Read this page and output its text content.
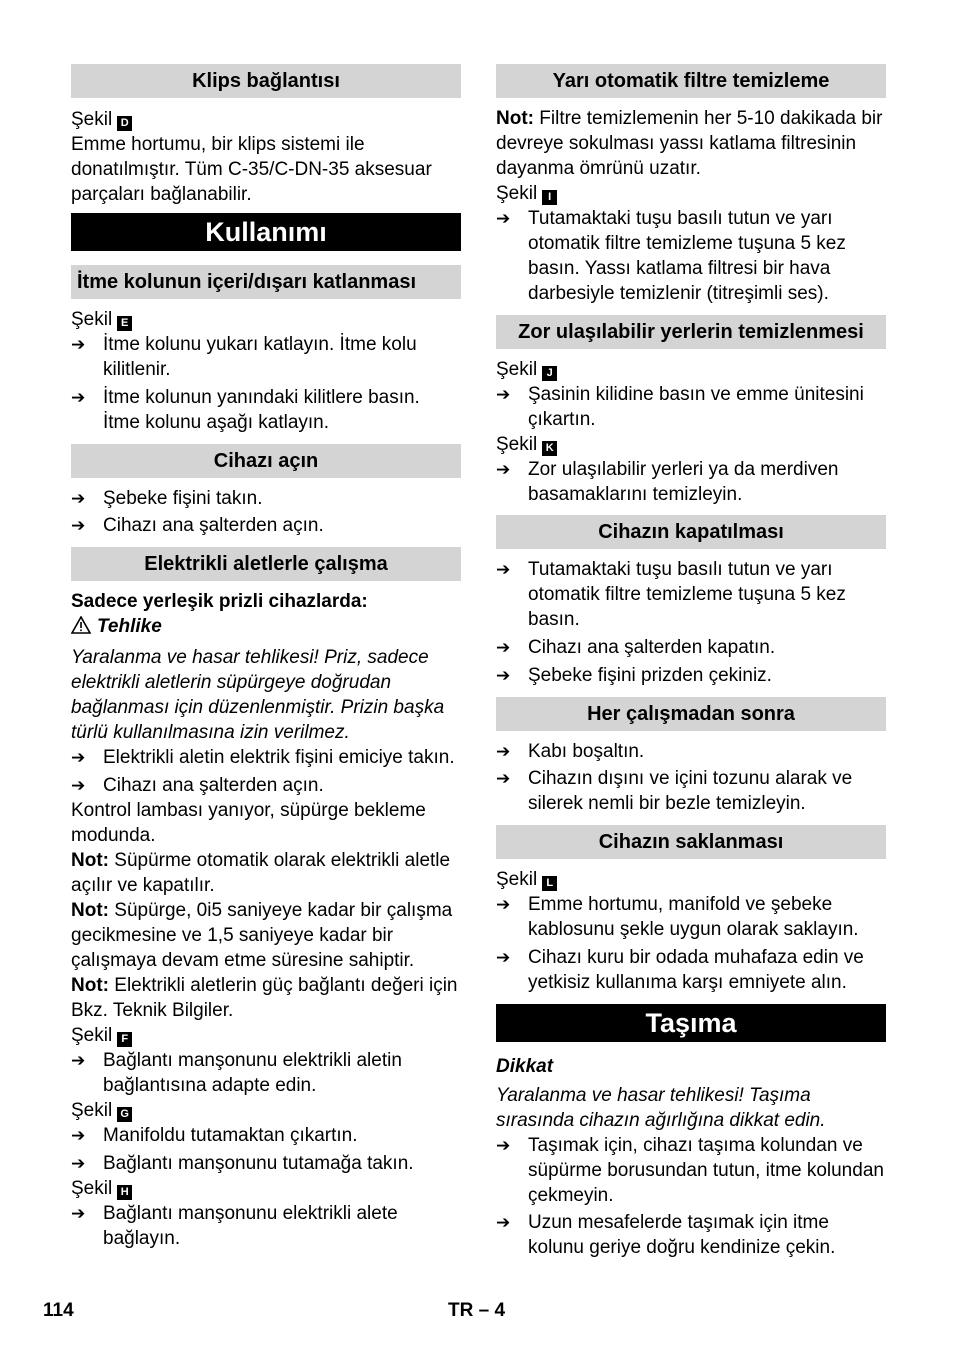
Klips bağlantısı

Şekil D

Emme hortumu, bir klips sistemi ile donatılmıştır. Tüm C-35/C-DN-35 aksesuar parçaları bağlanabilir.

Kullanımı
İtme kolunun içeri/dışarı katlanması

Şekil E

➔ İtme kolunu yukarı katlayın. İtme kolu kilitlenir.
➔ İtme kolunun yanındaki kilitlere basın. İtme kolunu aşağı katlayın.
Cihazı açın
➔ Şebeke fişini takın.
➔ Cihazı ana şalterden açın.
Elektrikli aletlerle çalışma

Sadece yerleşik prizli cihazlarda:

Tehlike

Yaralanma ve hasar tehlikesi! Priz, sadece elektrikli aletlerin süpürgeye doğrudan bağlanması için düzenlenmiştir. Prizin başka türlü kullanılmasına izin verilmez.

➔ Elektrikli aletin elektrik fişini emiciye takın.
➔ Cihazı ana şalterden açın.

Kontrol lambası yanıyor, süpürge bekleme modunda.

Not: Süpürme otomatik olarak elektrikli aletle açılır ve kapatılır.

Not: Süpürge, 0i5 saniyeye kadar bir çalışma gecikmesine ve 1,5 saniyeye kadar bir çalışmaya devam etme süresine sahiptir.

Not: Elektrikli aletlerin güç bağlantı değeri için Bkz. Teknik Bilgiler.

Şekil F

➔ Bağlantı manşonunu elektrikli aletin bağlantısına adapte edin.

Şekil G

➔ Manifoldu tutamaktan çıkartın.
➔ Bağlantı manşonunu tutamağa takın.

Şekil H

➔ Bağlantı manşonunu elektrikli alete bağlayın.
Yarı otomatik filtre temizleme

Not: Filtre temizlemenin her 5-10 dakikada bir devreye sokulması yassı katlama filtresinin dayanma ömrünü uzatır.

Şekil I

➔ Tutamaktaki tuşu basılı tutun ve yarı otomatik filtre temizleme tuşuna 5 kez basın. Yassı katlama filtresi bir hava darbesiyle temizlenir (titreşimli ses).
Zor ulaşılabilir yerlerin temizlenmesi

Şekil J

➔ Şasinin kilidine basın ve emme ünitesini çıkartın.

Şekil K

➔ Zor ulaşılabilir yerleri ya da merdiven basamaklarını temizleyin.
Cihazın kapatılması
➔ Tutamaktaki tuşu basılı tutun ve yarı otomatik filtre temizleme tuşuna 5 kez basın.
➔ Cihazı ana şalterden kapatın.
➔ Şebeke fişini prizden çekiniz.
Her çalışmadan sonra
➔ Kabı boşaltın.
➔ Cihazın dışını ve içini tozunu alarak ve silerek nemli bir bezle temizleyin.
Cihazın saklanması

Şekil L

➔ Emme hortumu, manifold ve şebeke kablosunu şekle uygun olarak saklayın.
➔ Cihazı kuru bir odada muhafaza edin ve yetkisiz kullanıma karşı emniyete alın.
Taşıma

Dikkat

Yaralanma ve hasar tehlikesi! Taşıma sırasında cihazın ağırlığına dikkat edin.

➔ Taşımak için, cihazı taşıma kolundan ve süpürme borusundan tutun, itme kolundan çekmeyin.
➔ Uzun mesafelerde taşımak için itme kolunu geriye doğru kendinize çekin.
114	TR – 4
